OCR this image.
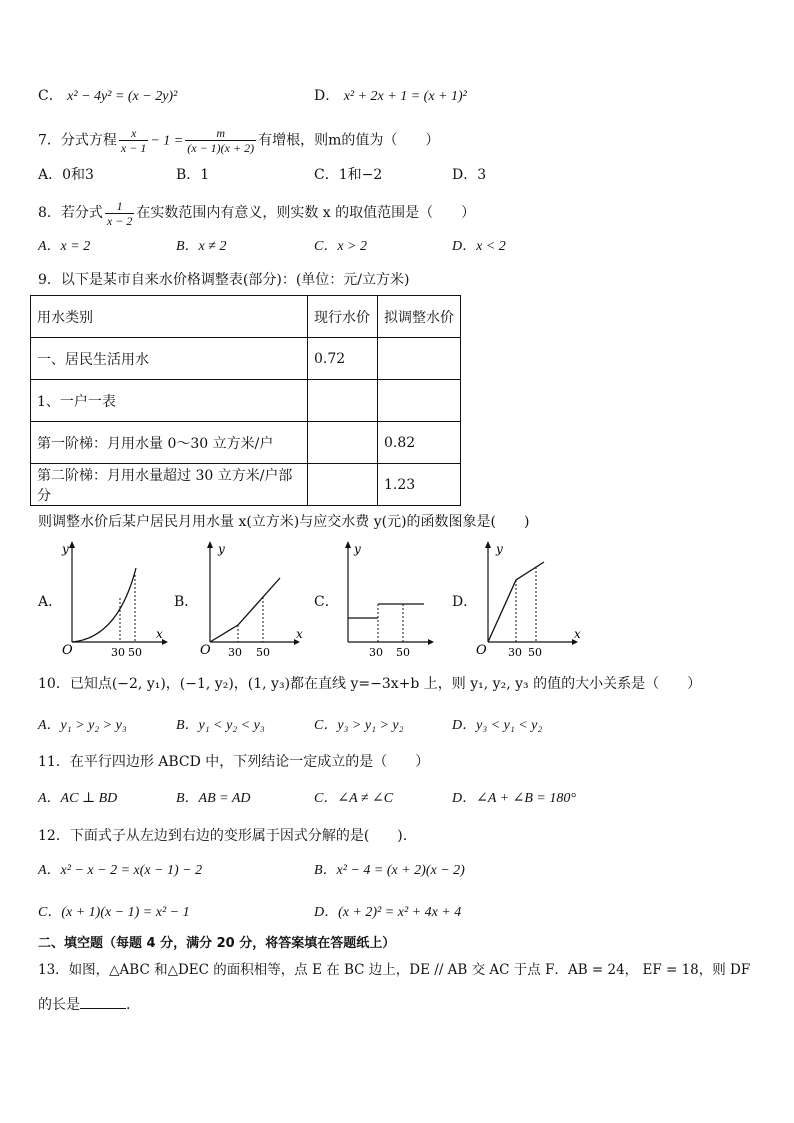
C． x² − 4y² = (x − 2y)²	D． x² + 2x + 1 = (x + 1)²
7．分式方程 $\frac{x}{x - 1} - 1 = \frac{m}{(x - 1)(x + 2)}$ 有增根，则m的值为（　　）
A．0和3	B．1	C．1和−2	D．3
8．若分式 $\frac{1}{x - 2}$ 在实数范围内有意义，则实数 x 的取值范围是（　　）
A．x = 2	B．x ≠ 2	C．x > 2	D．x < 2
9．以下是某市自来水价格调整表(部分)：(单位：元/立方米)
用水类别	现行水价	拟调整水价
一、居民生活用水	0.72	
1、一户一表		
第一阶梯：月用水量 0～30 立方米/户		0.82
第二阶梯：月用水量超过 30 立方米/户部分		1.23
则调整水价后某户居民月用水量 x(立方米)与应交水费 y(元)的函数图象是(　　)
A．	B．	C．	D．
y
x
O	30 50
y
x
O 30 50
y
30 50
y
x
O 30 50
10．已知点(−2, y₁)，(−1, y₂)，(1, y₃)都在直线 y=−3x+b 上，则 y₁, y₂, y₃ 的值的大小关系是（　　）
A．y₁ > y₂ > y₃	B．y₁ < y₂ < y₃	C．y₃ > y₁ > y₂	D．y₃ < y₁ < y₂
11．在平行四边形 ABCD 中，下列结论一定成立的是（　　）
A．AC ⊥ BD	B．AB = AD	C．∠A ≠ ∠C	D．∠A + ∠B = 180°
12．下面式子从左边到右边的变形属于因式分解的是(　　).
A．x² − x − 2 = x(x − 1) − 2	B．x² − 4 = (x + 2)(x − 2)
C．(x + 1)(x − 1) = x² − 1	D．(x + 2)² = x² + 4x + 4
二、填空题（每题 4 分，满分 20 分，将答案填在答题纸上）
13．如图，△ABC 和△DEC 的面积相等，点 E 在 BC 边上，DE // AB 交 AC 于点 F．AB = 24， EF = 18，则 DF
的长是	.
